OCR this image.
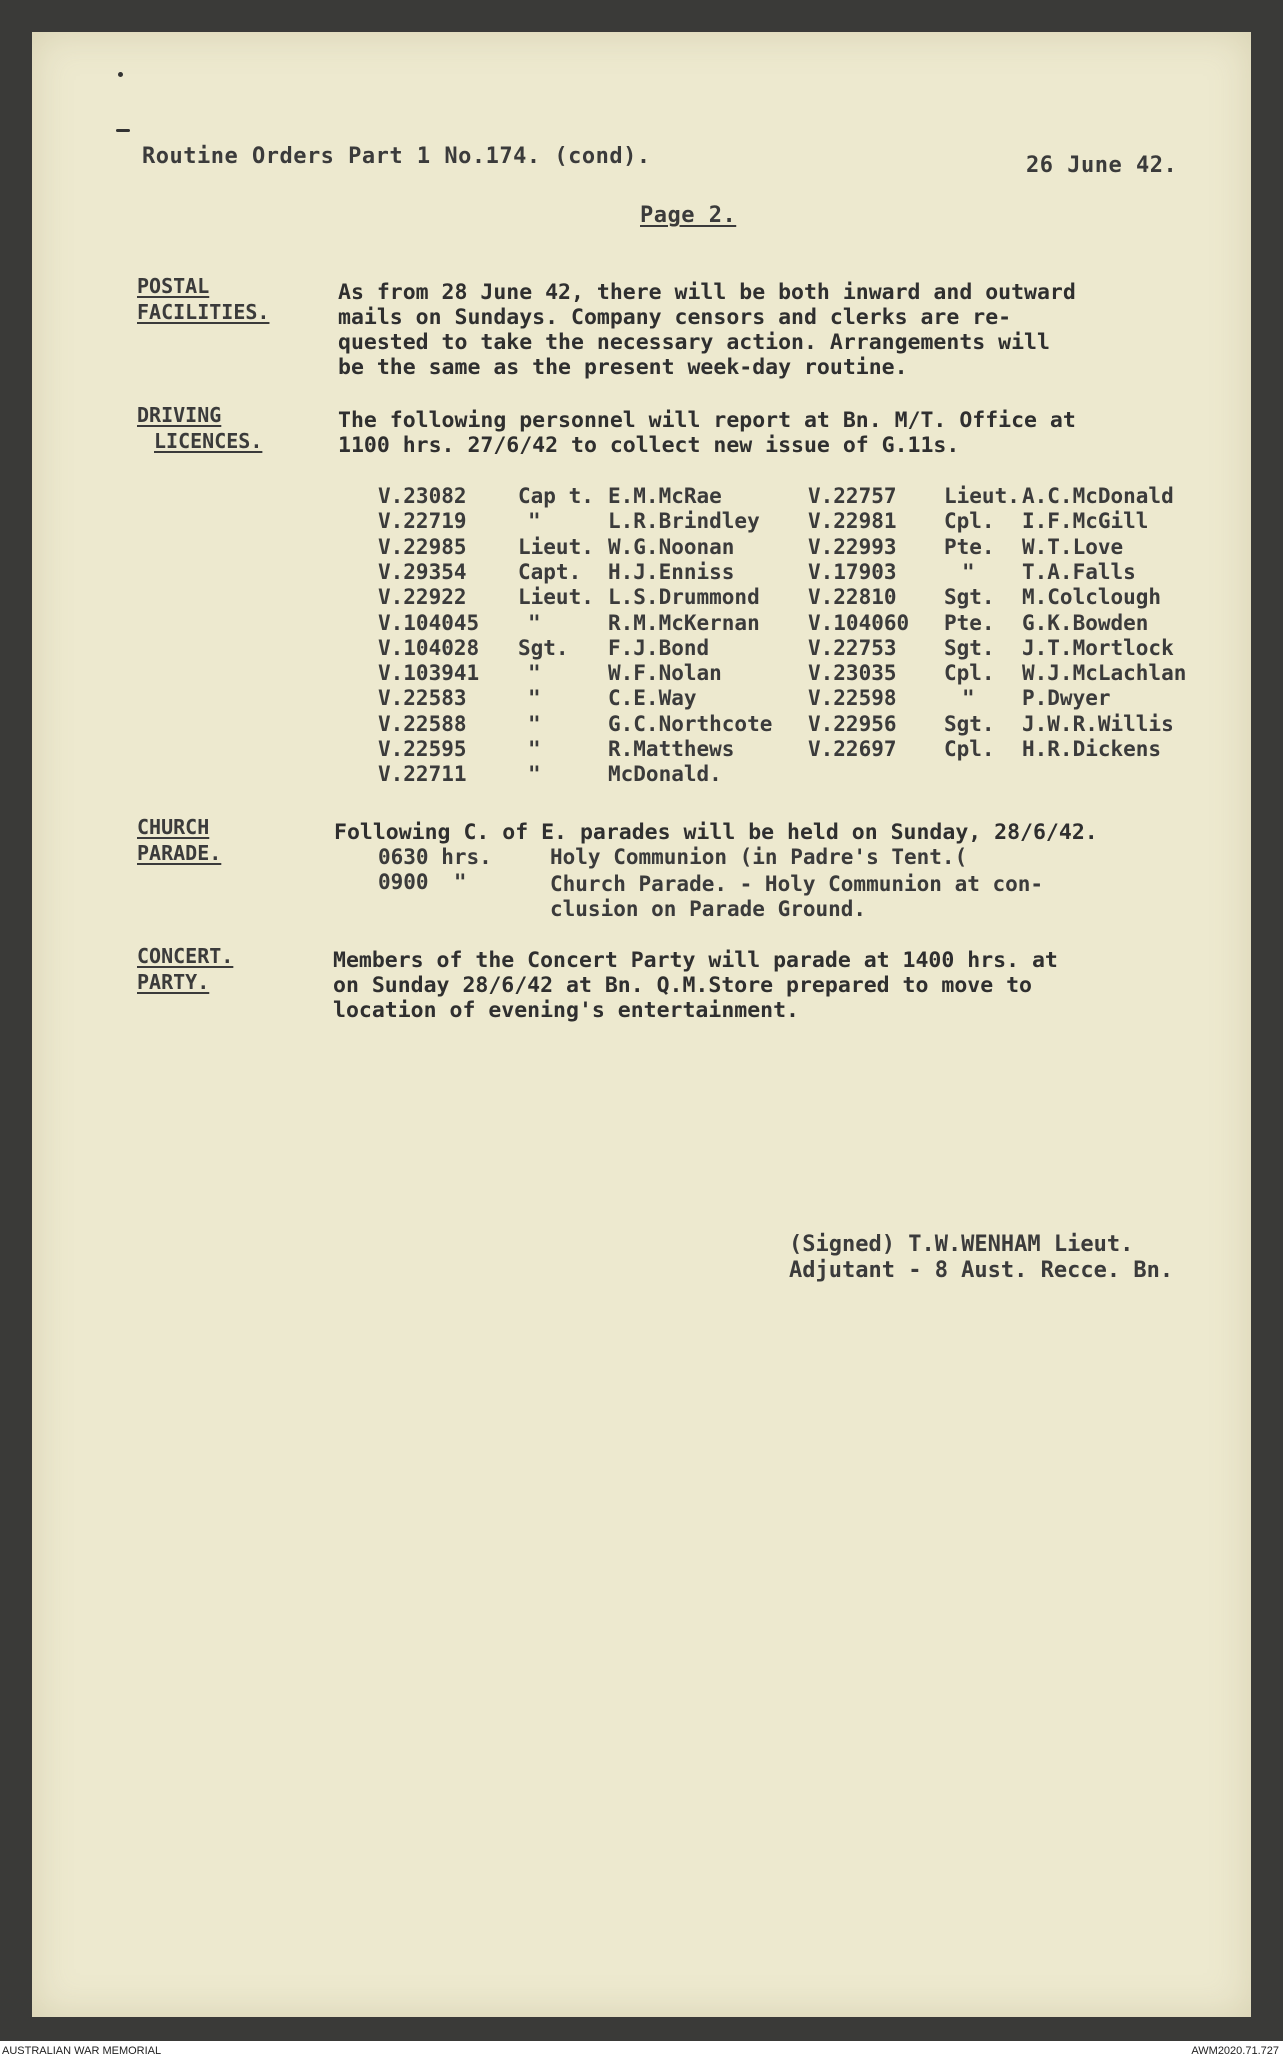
Routine Orders Part 1 No.174. (cond).	26 June 42.
Page 2.
POSTAL
FACILITIES.
As from 28 June 42, there will be both inward and outward
mails on Sundays. Company censors and clerks are re-
quested to take the necessary action. Arrangements will
be the same as the present week-day routine.
DRIVING
LICENCES.
The following personnel will report at Bn. M/T. Office at
1100 hrs. 27/6/42 to collect new issue of G.11s.
V.23082 Cap t. E.M.McRae	V.22757 Lieut. A.C.McDonald
V.22719	"	L.R.Brindley V.22981 Cpl. I.F.McGill
V.22985 Lieut. W.G.Noonan	V.22993 Pte. W.T.Love
V.29354 Capt. H.J.Enniss	V.17903	" T.A.Falls
V.22922 Lieut. L.S.Drummond V.22810 Sgt. M.Colclough
V.104045 "	R.M.McKernan V.104060 Pte. G.K.Bowden
V.104028 Sgt. F.J.Bond	V.22753 Sgt. J.T.Mortlock
V.103941 "	W.F.Nolan	V.23035 Cpl. W.J.McLachlan
V.22583	"	C.E.Way	V.22598	" P.Dwyer
V.22588	"	G.C.Northcote V.22956 Sgt. J.W.R.Willis
V.22595	"	R.Matthews	V.22697 Cpl. H.R.Dickens
V.22711	"	McDonald.
CHURCH
PARADE.
Following C. of E. parades will be held on Sunday, 28/6/42.
0630 hrs.	Holy Communion (in Padre's Tent.(
0900  "	Church Parade. - Holy Communion at con-
clusion on Parade Ground.
CONCERT.
PARTY.
Members of the Concert Party will parade at 1400 hrs. at
on Sunday 28/6/42 at Bn. Q.M.Store prepared to move to
location of evening's entertainment.
(Signed) T.W.WENHAM Lieut.
Adjutant - 8 Aust. Recce. Bn.
AUSTRALIAN WAR MEMORIAL	AWM2020.71.727
